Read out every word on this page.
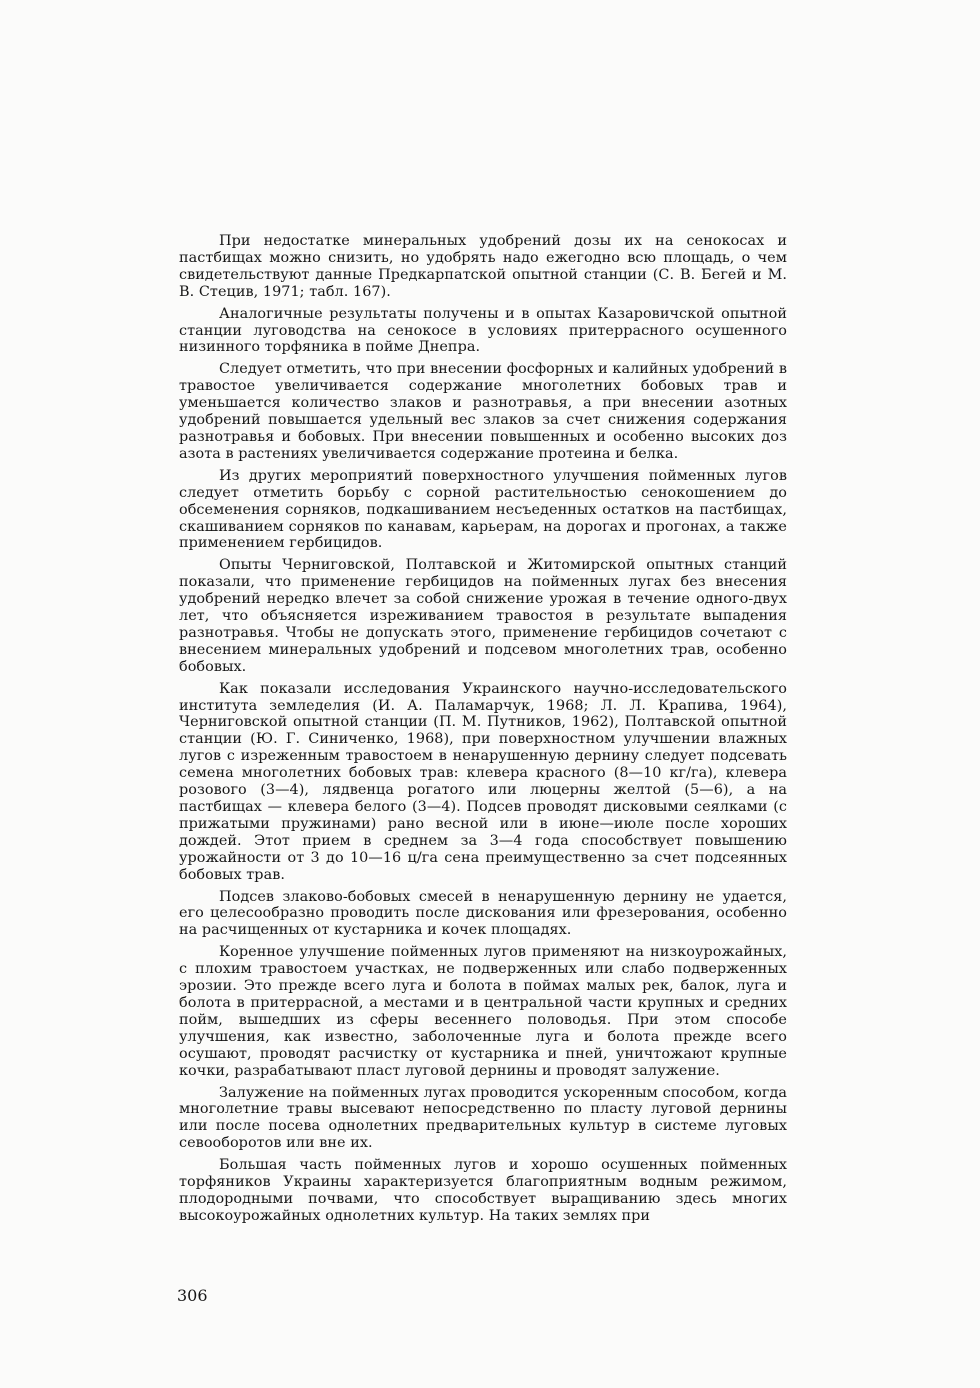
При недостатке минеральных удобрений дозы их на сенокосах и пастбищах можно снизить, но удобрять надо ежегодно всю площадь, о чем свидетельствуют данные Предкарпатской опытной станции (С. В. Бегей и М. В. Стецив, 1971; табл. 167).

Аналогичные результаты получены и в опытах Казаровичской опытной станции луговодства на сенокосе в условиях притеррасного осушенного низинного торфяника в пойме Днепра.

Следует отметить, что при внесении фосфорных и калийных удобрений в травостое увеличивается содержание многолетних бобовых трав и уменьшается количество злаков и разнотравья, а при внесении азотных удобрений повышается удельный вес злаков за счет снижения содержания разнотравья и бобовых. При внесении повышенных и особенно высоких доз азота в растениях увеличивается содержание протеина и белка.

Из других мероприятий поверхностного улучшения пойменных лугов следует отметить борьбу с сорной растительностью сенокошением до обсеменения сорняков, подкашиванием несъеденных остатков на пастбищах, скашиванием сорняков по канавам, карьерам, на дорогах и прогонах, а также применением гербицидов.

Опыты Черниговской, Полтавской и Житомирской опытных станций показали, что применение гербицидов на пойменных лугах без внесения удобрений нередко влечет за собой снижение урожая в течение одного-двух лет, что объясняется изреживанием травостоя в результате выпадения разнотравья. Чтобы не допускать этого, применение гербицидов сочетают с внесением минеральных удобрений и подсевом многолетних трав, особенно бобовых.

Как показали исследования Украинского научно-исследовательского института земледелия (И. А. Паламарчук, 1968; Л. Л. Крапива, 1964), Черниговской опытной станции (П. М. Путников, 1962), Полтавской опытной станции (Ю. Г. Синиченко, 1968), при поверхностном улучшении влажных лугов с изреженным травостоем в ненарушенную дернину следует подсевать семена многолетних бобовых трав: клевера красного (8—10 кг/га), клевера розового (3—4), лядвенца рогатого или люцерны желтой (5—6), а на пастбищах — клевера белого (3—4). Подсев проводят дисковыми сеялками (с прижатыми пружинами) рано весной или в июне—июле после хороших дождей. Этот прием в среднем за 3—4 года способствует повышению урожайности от 3 до 10—16 ц/га сена преимущественно за счет подсеянных бобовых трав.

Подсев злаково-бобовых смесей в ненарушенную дернину не удается, его целесообразно проводить после дискования или фрезерования, особенно на расчищенных от кустарника и кочек площадях.

Коренное улучшение пойменных лугов применяют на низкоурожайных, с плохим травостоем участках, не подверженных или слабо подверженных эрозии. Это прежде всего луга и болота в поймах малых рек, балок, луга и болота в притеррасной, а местами и в центральной части крупных и средних пойм, вышедших из сферы весеннего половодья. При этом способе улучшения, как известно, заболоченные луга и болота прежде всего осушают, проводят расчистку от кустарника и пней, уничтожают крупные кочки, разрабатывают пласт луговой дернины и проводят залужение.

Залужение на пойменных лугах проводится ускоренным способом, когда многолетние травы высевают непосредственно по пласту луговой дернины или после посева однолетних предварительных культур в системе луговых севооборотов или вне их.

Большая часть пойменных лугов и хорошо осушенных пойменных торфяников Украины характеризуется благоприятным водным режимом, плодородными почвами, что способствует выращиванию здесь многих высокоурожайных однолетних культур. На таких землях при

306
